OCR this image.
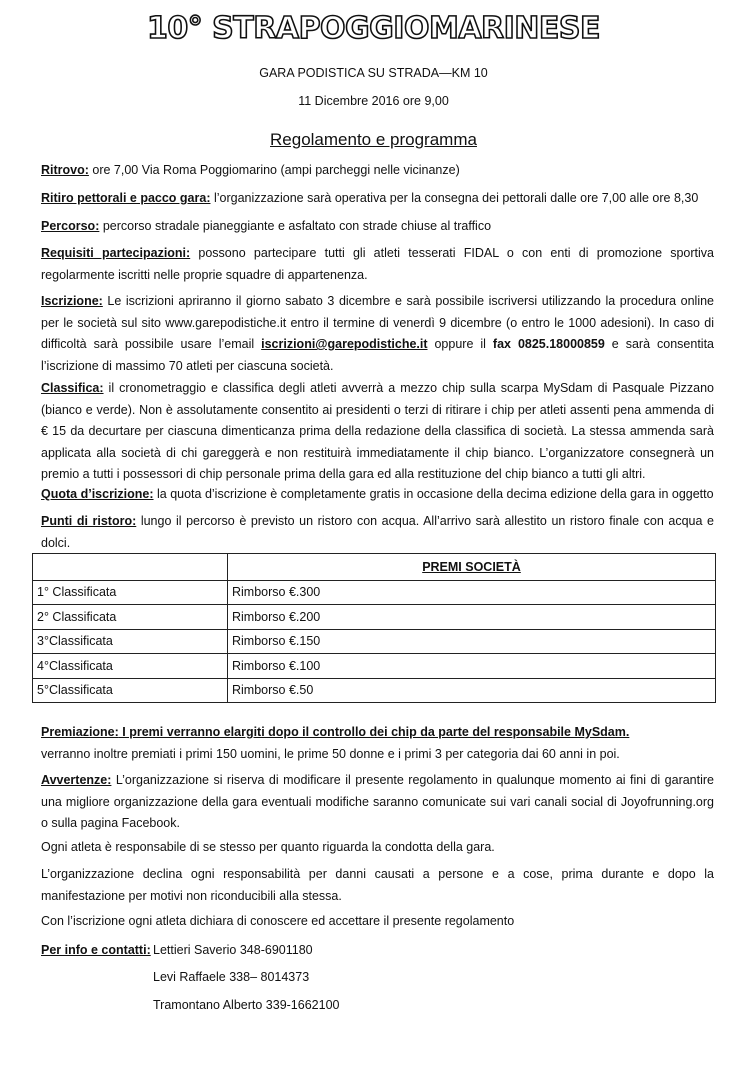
10° STRAPOGGIOMARINESE
GARA PODISTICA SU STRADA—KM 10
11 Dicembre 2016 ore 9,00
Regolamento e programma
Ritrovo: ore 7,00 Via Roma Poggiomarino (ampi parcheggi nelle vicinanze)
Ritiro pettorali e pacco gara: l’organizzazione sarà operativa per la consegna dei pettorali dalle ore 7,00 alle ore 8,30
Percorso: percorso stradale pianeggiante e asfaltato con strade chiuse al traffico
Requisiti partecipazioni: possono partecipare tutti gli atleti tesserati FIDAL o con enti di promozione sportiva regolarmente iscritti nelle proprie squadre di appartenenza.
Iscrizione: Le iscrizioni apriranno il giorno sabato 3 dicembre e sarà possibile iscriversi utilizzando la procedura online per le società sul sito www.garepodistiche.it entro il termine di venerdì 9 dicembre (o entro le 1000 adesioni). In caso di difficoltà sarà possibile usare l’email iscrizioni@garepodistiche.it oppure il fax 0825.18000859 e sarà consentita l’iscrizione di massimo 70 atleti per ciascuna società.
Classifica: il cronometraggio e classifica degli atleti avverrà a mezzo chip sulla scarpa MySdam di Pasquale Pizzano (bianco e verde). Non è assolutamente consentito ai presidenti o terzi di ritirare i chip per atleti assenti pena ammenda di € 15 da decurtare per ciascuna dimenticanza prima della redazione della classifica di società. La stessa ammenda sarà applicata alla società di chi gareggerà e non restituirà immediatamente il chip bianco. L’organizzatore consegnerà un premio a tutti i possessori di chip personale prima della gara ed alla restituzione del chip bianco a tutti gli altri.
Quota d’iscrizione: la quota d’iscrizione è completamente gratis in occasione della decima edizione della gara in oggetto
Punti di ristoro: lungo il percorso è previsto un ristoro con acqua. All’arrivo sarà allestito un ristoro finale con acqua e dolci.
	PREMI SOCIETÀ
1° Classificata	Rimborso €.300
2° Classificata	Rimborso €.200
3°Classificata	Rimborso €.150
4°Classificata	Rimborso €.100
5°Classificata	Rimborso €.50
Premiazione: I premi verranno elargiti dopo il controllo dei chip da parte del responsabile MySdam.
verranno inoltre premiati i primi 150 uomini, le prime 50 donne e i primi 3 per categoria dai 60 anni in poi.
Avvertenze: L’organizzazione si riserva di modificare il presente regolamento in qualunque momento ai fini di garantire una migliore organizzazione della gara eventuali modifiche saranno comunicate sui vari canali social di Joyofrunning.org o sulla pagina Facebook.
Ogni atleta è responsabile di se stesso per quanto riguarda la condotta della gara.
L’organizzazione declina ogni responsabilità per danni causati a persone e a cose, prima durante e dopo la manifestazione per motivi non riconducibili alla stessa.
Con l’iscrizione ogni atleta dichiara di conoscere ed accettare il presente regolamento
Per info e contatti: Lettieri Saverio 348-6901180
Levi Raffaele 338– 8014373
Tramontano Alberto 339-1662100
